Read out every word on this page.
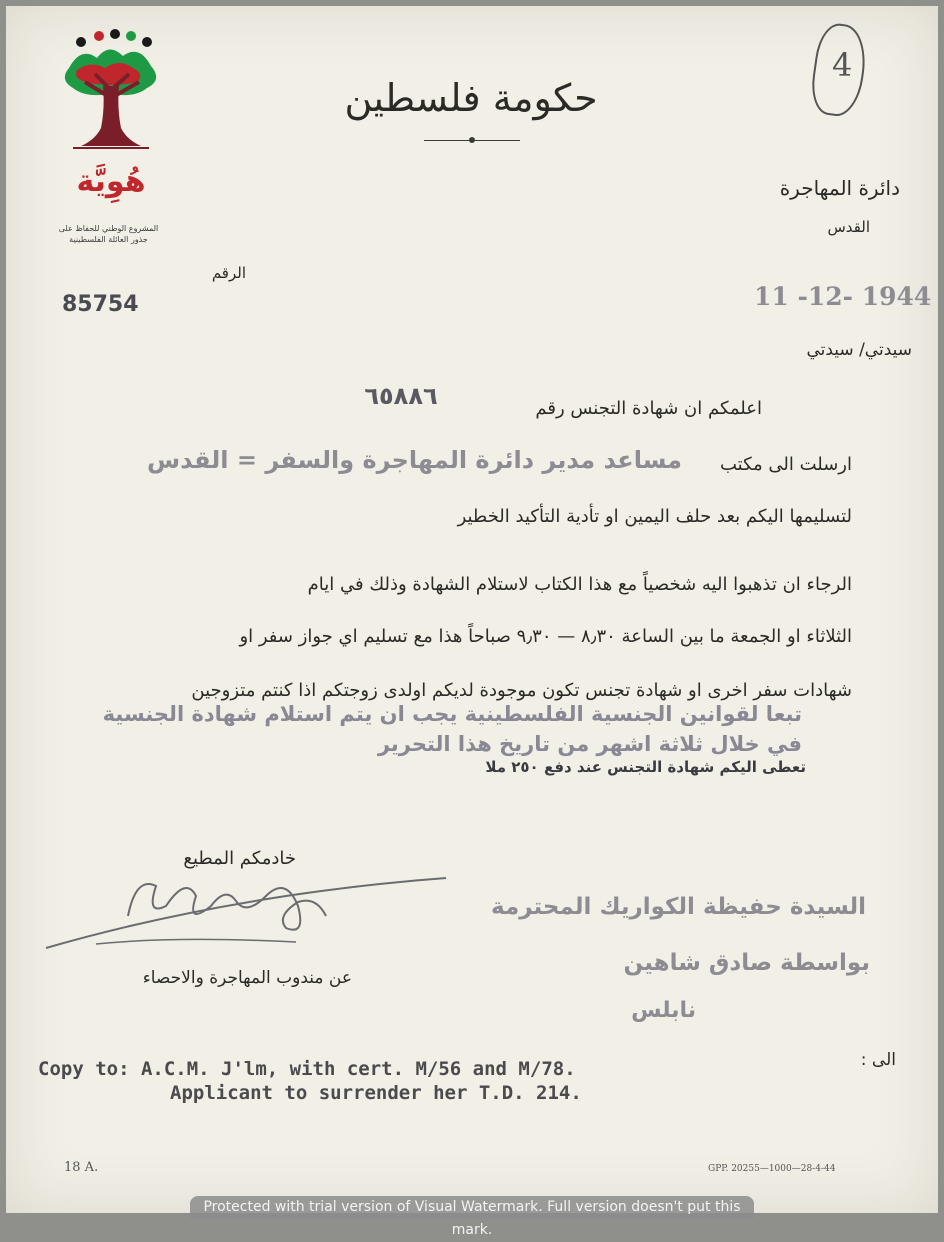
هُوِيَّة
المشروع الوطني للحفاظ على
جذور العائلة الفلسطينية
حكومة فلسطين
4
دائرة المهاجرة
القدس
الرقم
85754	11 -12- 1944
سيدتي/ سيدتي
اعلمكم ان شهادة التجنس رقم
٦٥٨٨٦
ارسلت الى مكتب
مساعد مدير دائرة المهاجرة والسفر = القدس
لتسليمها اليكم بعد حلف اليمين او تأدية التأكيد الخطير
الرجاء ان تذهبوا اليه شخصياً مع هذا الكتاب لاستلام الشهادة وذلك في ايام
الثلاثاء او الجمعة ما بين الساعة ٨٫٣٠ — ٩٫٣٠ صباحاً هذا مع تسليم اي جواز سفر او
شهادات سفر اخرى او شهادة تجنس تكون موجودة لديكم اولدى زوجتكم اذا كنتم متزوجين
تبعا لقوانين الجنسية الفلسطينية يجب ان يتم استلام شهادة الجنسية
في خلال ثلاثة اشهر من تاريخ هذا التحرير
تعطى اليكم شهادة التجنس عند دفع ٢٥٠ ملا
خادمكم المطيع
عن مندوب المهاجرة والاحصاء
السيدة حفيظة الكواريك المحترمة
بواسطة صادق شاهين
نابلس
الى :
Copy to: A.C.M. J'lm, with cert. M/56 and M/78.
Applicant to surrender her T.D. 214.
18 A.	GPP. 20255—1000—28-4-44
Protected with trial version of Visual Watermark. Full version doesn't put this mark.
